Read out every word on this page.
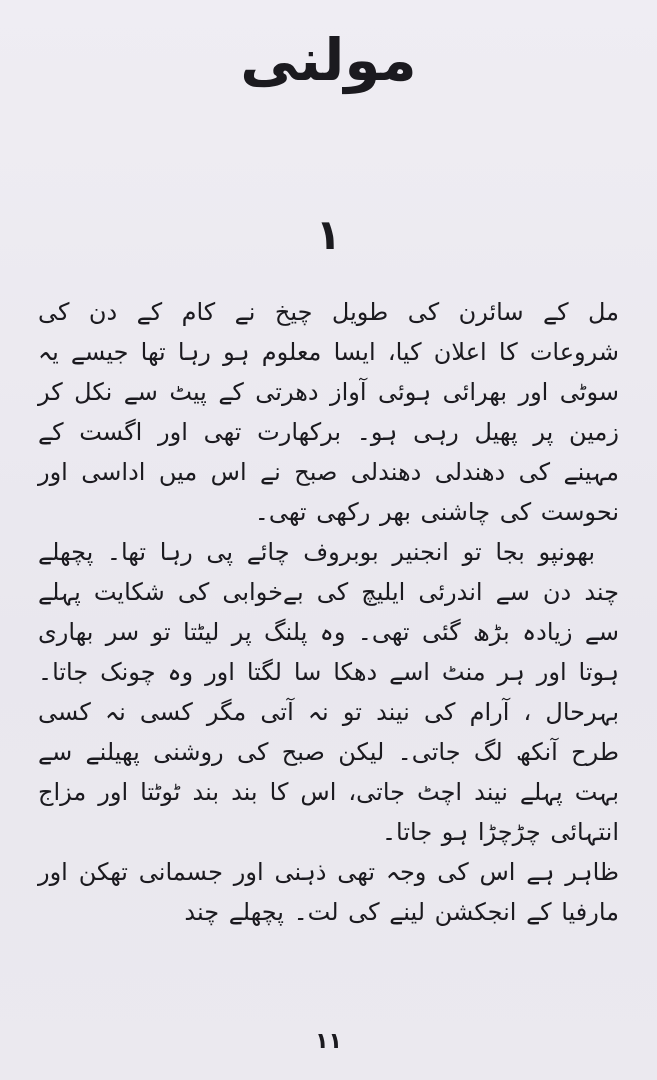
مولنی
۱

مل کے سائرن کی طویل چیخ نے کام کے دن کی شروعات کا اعلان کیا، ایسا معلوم ہو رہا تھا جیسے یہ سوٹی اور بھرائی ہوئی آواز دھرتی کے پیٹ سے نکل کر زمین پر پھیل رہی ہو۔ برکھارت تھی اور اگست کے مہینے کی دھندلی دھندلی صبح نے اس میں اداسی اور نحوست کی چاشنی بھر رکھی تھی۔

بھونپو بجا تو انجنیر بوبروف چائے پی رہا تھا۔ پچھلے چند دن سے اندرئی ایلیچ کی بےخوابی کی شکایت پہلے سے زیادہ بڑھ گئی تھی۔ وہ پلنگ پر لیٹتا تو سر بھاری ہوتا اور ہر منٹ اسے دھکا سا لگتا اور وہ چونک جاتا۔ بہرحال ، آرام کی نیند تو نہ آتی مگر کسی نہ کسی طرح آنکھ لگ جاتی۔ لیکن صبح کی روشنی پھیلنے سے بہت پہلے نیند اچٹ جاتی، اس کا بند بند ٹوٹتا اور مزاج انتہائی چڑچڑا ہو جاتا۔

ظاہر ہے اس کی وجہ تھی ذہنی اور جسمانی تھکن اور مارفیا کے انجکشن لینے کی لت۔ پچھلے چند

۱۱
